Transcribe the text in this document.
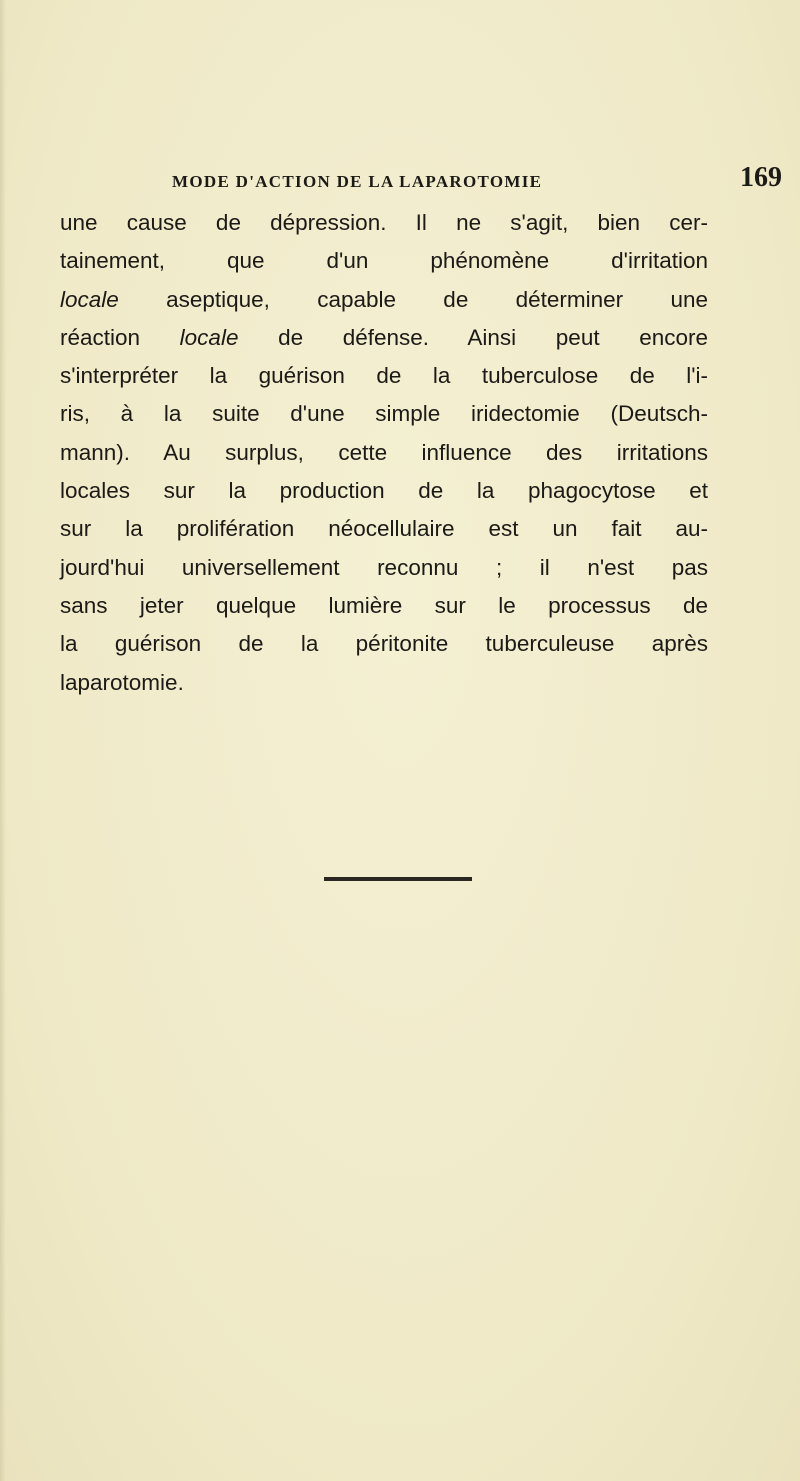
MODE D'ACTION DE LA LAPAROTOMIE	169
une cause de dépression. Il ne s'agit, bien cer-
tainement, que d'un phénomène d'irritation
locale aseptique, capable de déterminer une
réaction locale de défense. Ainsi peut encore
s'interpréter la guérison de la tuberculose de l'i-
ris, à la suite d'une simple iridectomie (Deutsch-
mann). Au surplus, cette influence des irritations
locales sur la production de la phagocytose et
sur la prolifération néocellulaire est un fait au-
jourd'hui universellement reconnu ; il n'est pas
sans jeter quelque lumière sur le processus de
la guérison de la péritonite tuberculeuse après
laparotomie.
